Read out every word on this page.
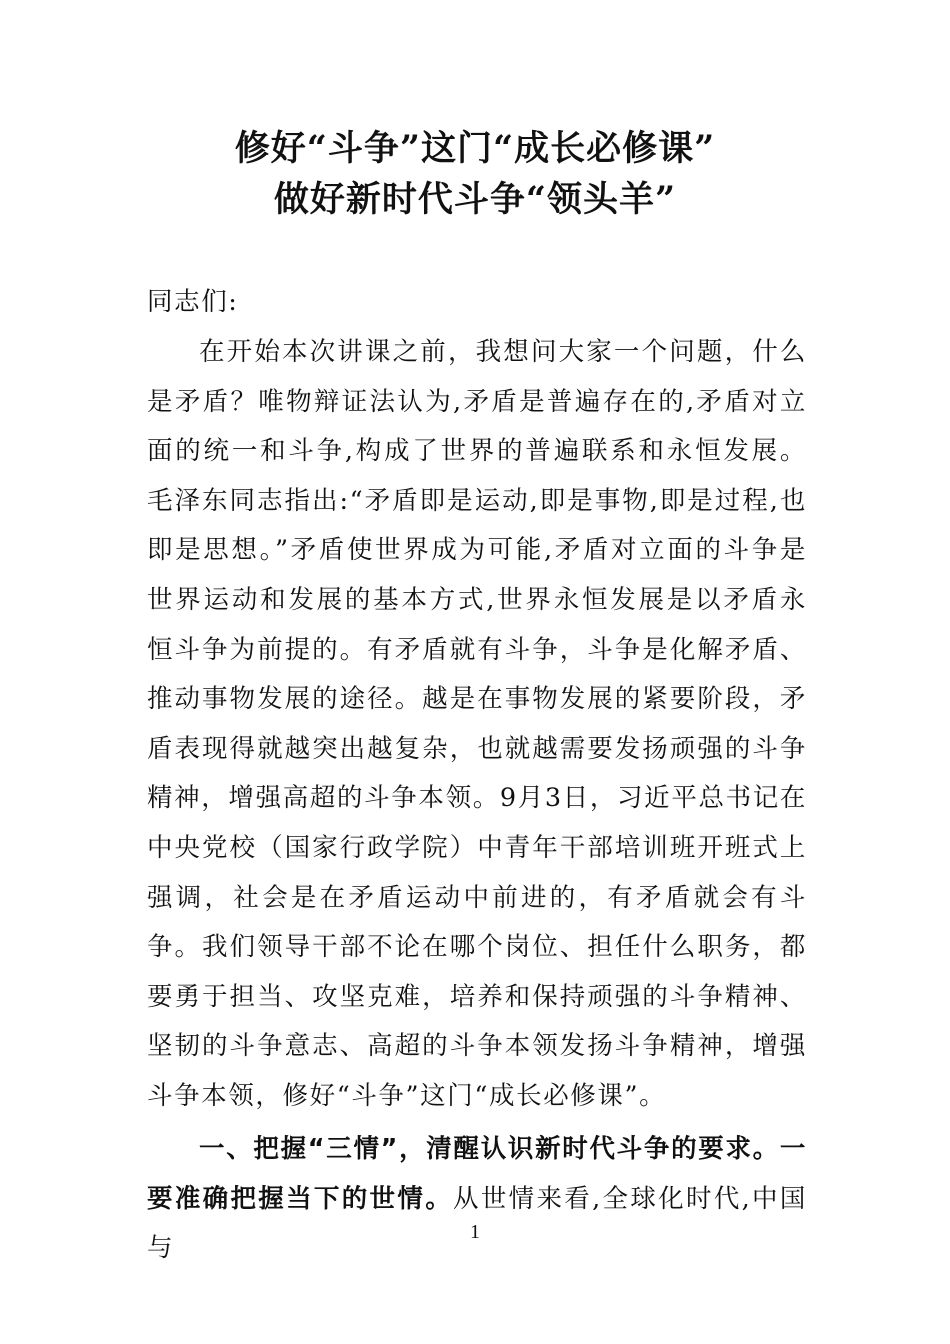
修好“斗争”这门“成长必修课”
做好新时代斗争“领头羊”

同志们:

在开始本次讲课之前，我想问大家一个问题，什么是矛盾？唯物辩证法认为,矛盾是普遍存在的,矛盾对立面的统一和斗争,构成了世界的普遍联系和永恒发展。毛泽东同志指出:“矛盾即是运动,即是事物,即是过程,也即是思想。”矛盾使世界成为可能,矛盾对立面的斗争是世界运动和发展的基本方式,世界永恒发展是以矛盾永恒斗争为前提的。有矛盾就有斗争，斗争是化解矛盾、推动事物发展的途径。越是在事物发展的紧要阶段，矛盾表现得就越突出越复杂，也就越需要发扬顽强的斗争精神，增强高超的斗争本领。9月3日，习近平总书记在中央党校（国家行政学院）中青年干部培训班开班式上强调，社会是在矛盾运动中前进的，有矛盾就会有斗争。我们领导干部不论在哪个岗位、担任什么职务，都要勇于担当、攻坚克难，培养和保持顽强的斗争精神、坚韧的斗争意志、高超的斗争本领发扬斗争精神，增强斗争本领，修好“斗争”这门“成长必修课”。

一、把握“三情”，清醒认识新时代斗争的要求。一要准确把握当下的世情。从世情来看,全球化时代,中国与

1
